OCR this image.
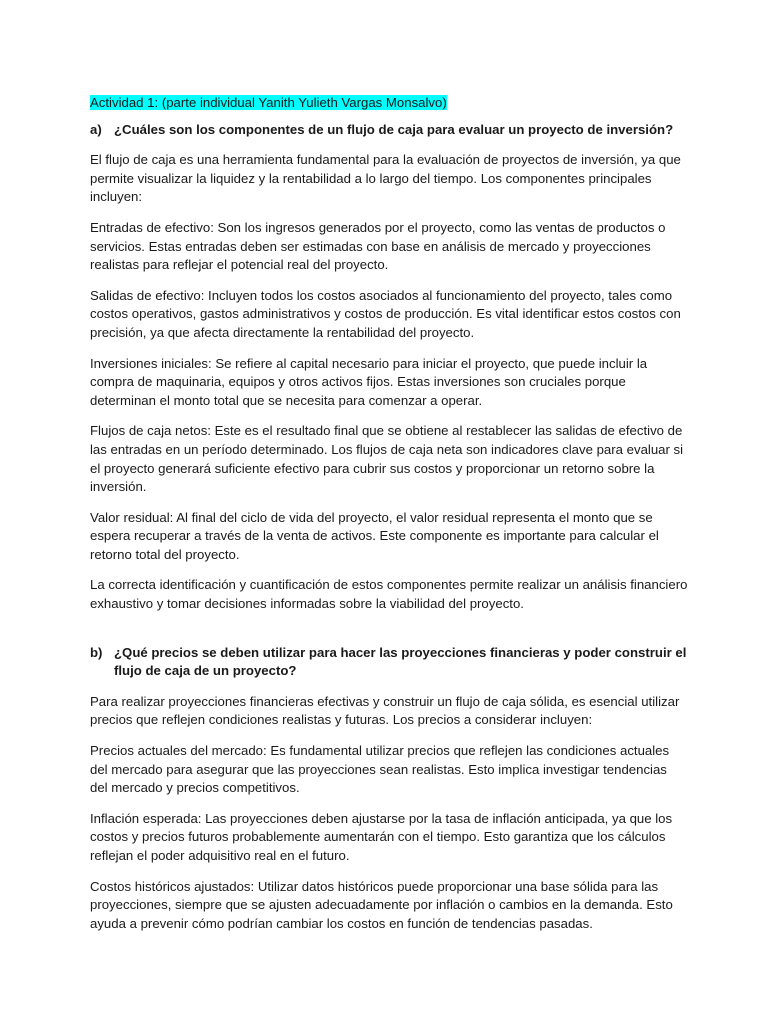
Actividad 1: (parte individual Yanith Yulieth Vargas Monsalvo)
a) ¿Cuáles son los componentes de un flujo de caja para evaluar un proyecto de inversión?

El flujo de caja es una herramienta fundamental para la evaluación de proyectos de inversión, ya que permite visualizar la liquidez y la rentabilidad a lo largo del tiempo. Los componentes principales incluyen:

Entradas de efectivo: Son los ingresos generados por el proyecto, como las ventas de productos o servicios. Estas entradas deben ser estimadas con base en análisis de mercado y proyecciones realistas para reflejar el potencial real del proyecto.

Salidas de efectivo: Incluyen todos los costos asociados al funcionamiento del proyecto, tales como costos operativos, gastos administrativos y costos de producción. Es vital identificar estos costos con precisión, ya que afecta directamente la rentabilidad del proyecto.

Inversiones iniciales: Se refiere al capital necesario para iniciar el proyecto, que puede incluir la compra de maquinaria, equipos y otros activos fijos. Estas inversiones son cruciales porque determinan el monto total que se necesita para comenzar a operar.

Flujos de caja netos: Este es el resultado final que se obtiene al restablecer las salidas de efectivo de las entradas en un período determinado. Los flujos de caja neta son indicadores clave para evaluar si el proyecto generará suficiente efectivo para cubrir sus costos y proporcionar un retorno sobre la inversión.

Valor residual: Al final del ciclo de vida del proyecto, el valor residual representa el monto que se espera recuperar a través de la venta de activos. Este componente es importante para calcular el retorno total del proyecto.

La correcta identificación y cuantificación de estos componentes permite realizar un análisis financiero exhaustivo y tomar decisiones informadas sobre la viabilidad del proyecto.

b) ¿Qué precios se deben utilizar para hacer las proyecciones financieras y poder construir el flujo de caja de un proyecto?

Para realizar proyecciones financieras efectivas y construir un flujo de caja sólida, es esencial utilizar precios que reflejen condiciones realistas y futuras. Los precios a considerar incluyen:

Precios actuales del mercado: Es fundamental utilizar precios que reflejen las condiciones actuales del mercado para asegurar que las proyecciones sean realistas. Esto implica investigar tendencias del mercado y precios competitivos.

Inflación esperada: Las proyecciones deben ajustarse por la tasa de inflación anticipada, ya que los costos y precios futuros probablemente aumentarán con el tiempo. Esto garantiza que los cálculos reflejan el poder adquisitivo real en el futuro.

Costos históricos ajustados: Utilizar datos históricos puede proporcionar una base sólida para las proyecciones, siempre que se ajusten adecuadamente por inflación o cambios en la demanda. Esto ayuda a prevenir cómo podrían cambiar los costos en función de tendencias pasadas.
